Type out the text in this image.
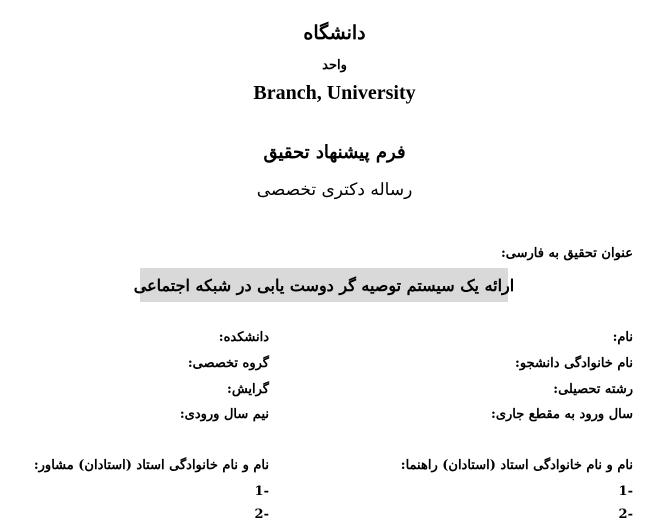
دانشگاه
واحد
Branch, University
فرم پیشنهاد تحقیق
رساله دکتری تخصصی
عنوان تحقیق به فارسی:
ارائه یک سیستم توصیه گر دوست یابی در شبکه اجتماعی
نام:
دانشکده:
نام خانوادگی دانشجو:
گروه تخصصی:
رشته تحصیلی:
گرایش:
سال ورود به مقطع جاری:
نیم سال ورودی:
نام و نام خانوادگی استاد (استادان) راهنما:
نام و نام خانوادگی استاد (استادان) مشاور:
1-
1-
2-
2-
